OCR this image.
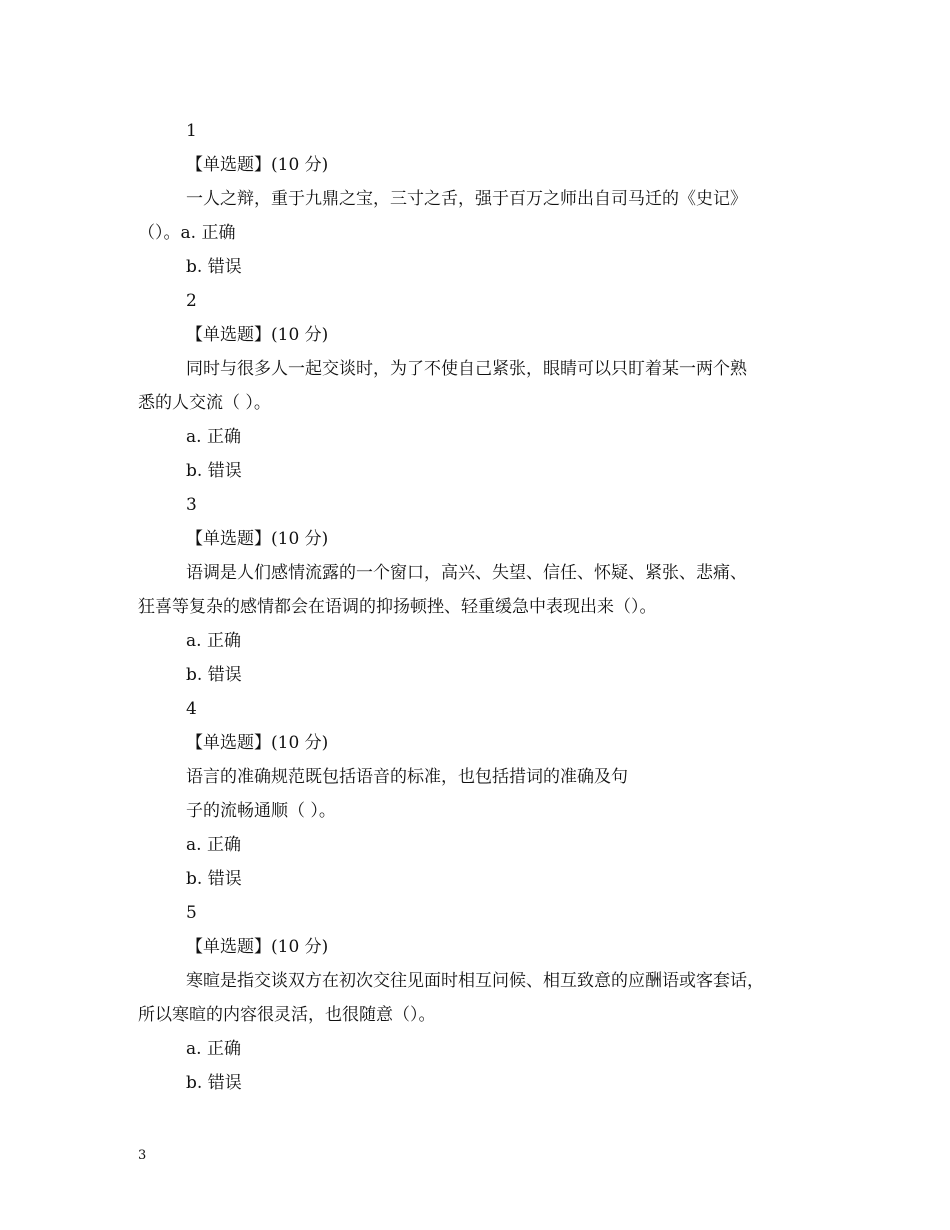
1
【单选题】(10 分)
一人之辩，重于九鼎之宝，三寸之舌，强于百万之师出自司马迁的《史记》
（）。a. 正确
b. 错误
2
【单选题】(10 分)
同时与很多人一起交谈时，为了不使自己紧张，眼睛可以只盯着某一两个熟
悉的人交流（ ）。
a. 正确
b. 错误
3
【单选题】(10 分)
语调是人们感情流露的一个窗口，高兴、失望、信任、怀疑、紧张、悲痛、
狂喜等复杂的感情都会在语调的抑扬顿挫、轻重缓急中表现出来（）。
a. 正确
b. 错误
4
【单选题】(10 分)
语言的准确规范既包括语音的标准，也包括措词的准确及句
子的流畅通顺（ ）。
a. 正确
b. 错误
5
【单选题】(10 分)
寒暄是指交谈双方在初次交往见面时相互问候、相互致意的应酬语或客套话，
所以寒暄的内容很灵活，也很随意（）。
a. 正确
b. 错误
3
